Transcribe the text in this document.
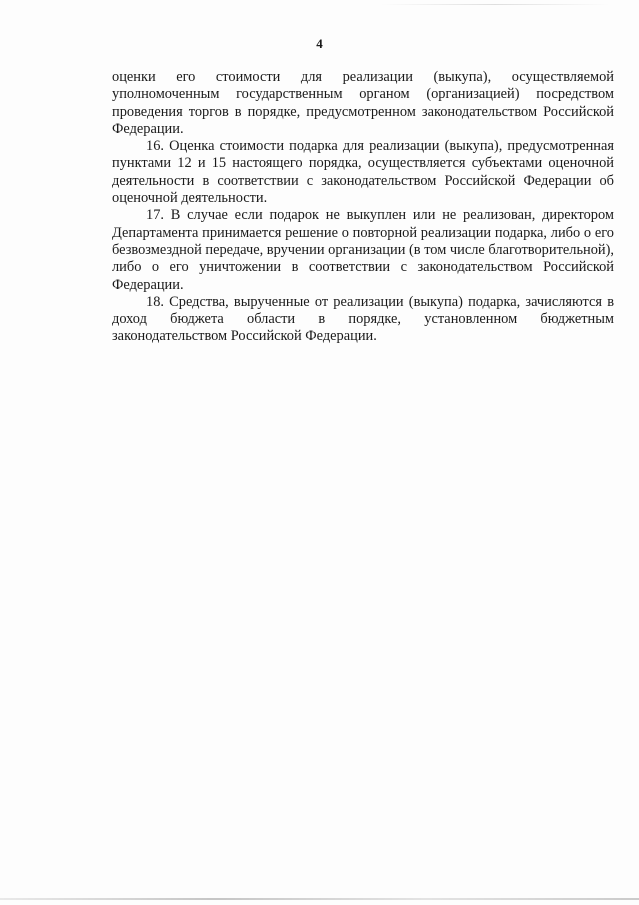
4

оценки его стоимости для реализации (выкупа), осуществляемой уполномоченным государственным органом (организацией) посредством проведения торгов в порядке, предусмотренном законодательством Российской Федерации.

16. Оценка стоимости подарка для реализации (выкупа), предусмотренная пунктами 12 и 15 настоящего порядка, осуществляется субъектами оценочной деятельности в соответствии с законодательством Российской Федерации об оценочной деятельности.

17. В случае если подарок не выкуплен или не реализован, директором Департамента принимается решение о повторной реализации подарка, либо о его безвозмездной передаче, вручении организации (в том числе благотворительной), либо о его уничтожении в соответствии с законодательством Российской Федерации.

18. Средства, вырученные от реализации (выкупа) подарка, зачисляются в доход бюджета области в порядке, установленном бюджетным законодательством Российской Федерации.
